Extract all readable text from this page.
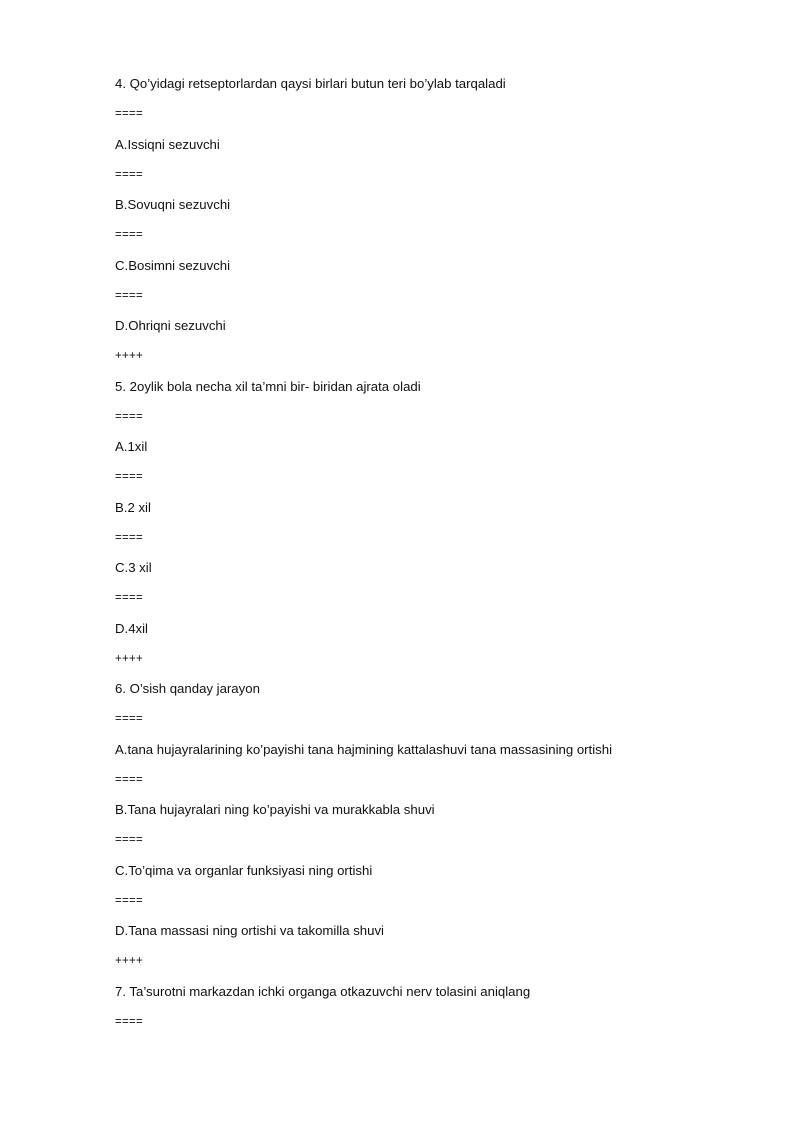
4. Qo’yidagi retseptorlardan qaysi birlari butun teri bo’ylab tarqaladi
====
A.Issiqni sezuvchi
====
B.Sovuqni sezuvchi
====
C.Bosimni sezuvchi
====
D.Ohriqni sezuvchi
++++
5. 2oylik bola necha xil ta’mni bir- biridan ajrata oladi
====
A.1xil
====
B.2 xil
====
C.3 xil
====
D.4xil
++++
6. O’sish qanday jarayon
====
A.tana hujayralarining ko’payishi tana hajmining kattalashuvi tana massasining ortishi
====
B.Tana hujayralari ning ko’payishi va murakkabla shuvi
====
C.To’qima va organlar funksiyasi ning ortishi
====
D.Tana massasi ning ortishi va takomilla shuvi
++++
7. Ta’surotni markazdan ichki organga otkazuvchi nerv tolasini aniqlang
====
